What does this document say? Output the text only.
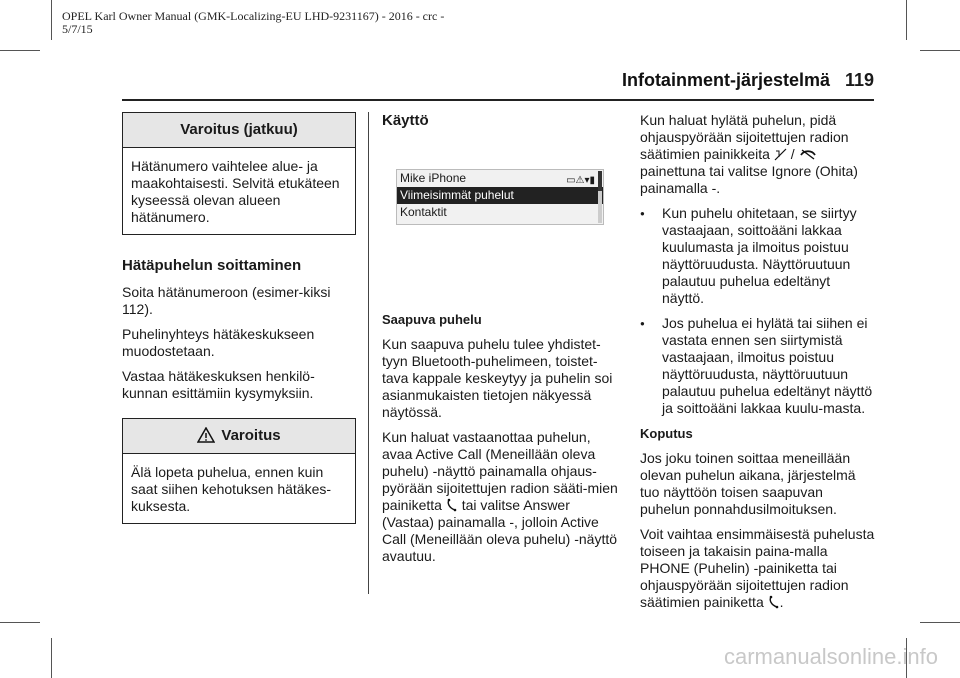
OPEL Karl Owner Manual (GMK-Localizing-EU LHD-9231167) - 2016 - crc -
5/7/15
Infotainment-järjestelmä 119
Varoitus (jatkuu)
Hätänumero vaihtelee alue- ja maakohtaisesti. Selvitä etukäteen kyseessä olevan alueen hätänumero.
Hätäpuhelun soittaminen

Soita hätänumeroon (esimer-kiksi 112).

Puhelinyhteys hätäkeskukseen muodostetaan.

Vastaa hätäkeskuksen henkilö-kunnan esittämiin kysymyksiin.

Varoitus
Älä lopeta puhelua, ennen kuin saat siihen kehotuksen hätäkes-kuksesta.
Käyttö
Mike iPhone
Viimeisimmät puhelut
Kontaktit
▭⚠▾▮
Saapuva puhelu

Kun saapuva puhelu tulee yhdistet-tyyn Bluetooth-puhelimeen, toistet-tava kappale keskeytyy ja puhelin soi asianmukaisten tietojen näkyessä näytössä.

Kun haluat vastaanottaa puhelun, avaa Active Call (Meneillään oleva puhelu) -näyttö painamalla ohjaus-pyörään sijoitettujen radion sääti-mien painiketta tai valitse Answer (Vastaa) painamalla -, jolloin Active Call (Meneillään oleva puhelu) -näyttö avautuu.

Kun haluat hylätä puhelun, pidä ohjauspyörään sijoitettujen radion säätimien painikkeita  /  painettuna tai valitse Ignore (Ohita) painamalla -.

●	Kun puhelu ohitetaan, se siirtyy vastaajaan, soittoääni lakkaa kuulumasta ja ilmoitus poistuu näyttöruudusta. Näyttöruutuun palautuu puhelua edeltänyt näyttö.
●	Jos puhelua ei hylätä tai siihen ei vastata ennen sen siirtymistä vastaajaan, ilmoitus poistuu näyttöruudusta, näyttöruutuun palautuu puhelua edeltänyt näyttö ja soittoääni lakkaa kuulu-masta.
Koputus

Jos joku toinen soittaa meneillään olevan puhelun aikana, järjestelmä tuo näyttöön toisen saapuvan puhelun ponnahdusilmoituksen.

Voit vaihtaa ensimmäisestä puhelusta toiseen ja takaisin paina-malla PHONE (Puhelin) -painiketta tai ohjauspyörään sijoitettujen radion säätimien painiketta .

carmanualsonline.info
